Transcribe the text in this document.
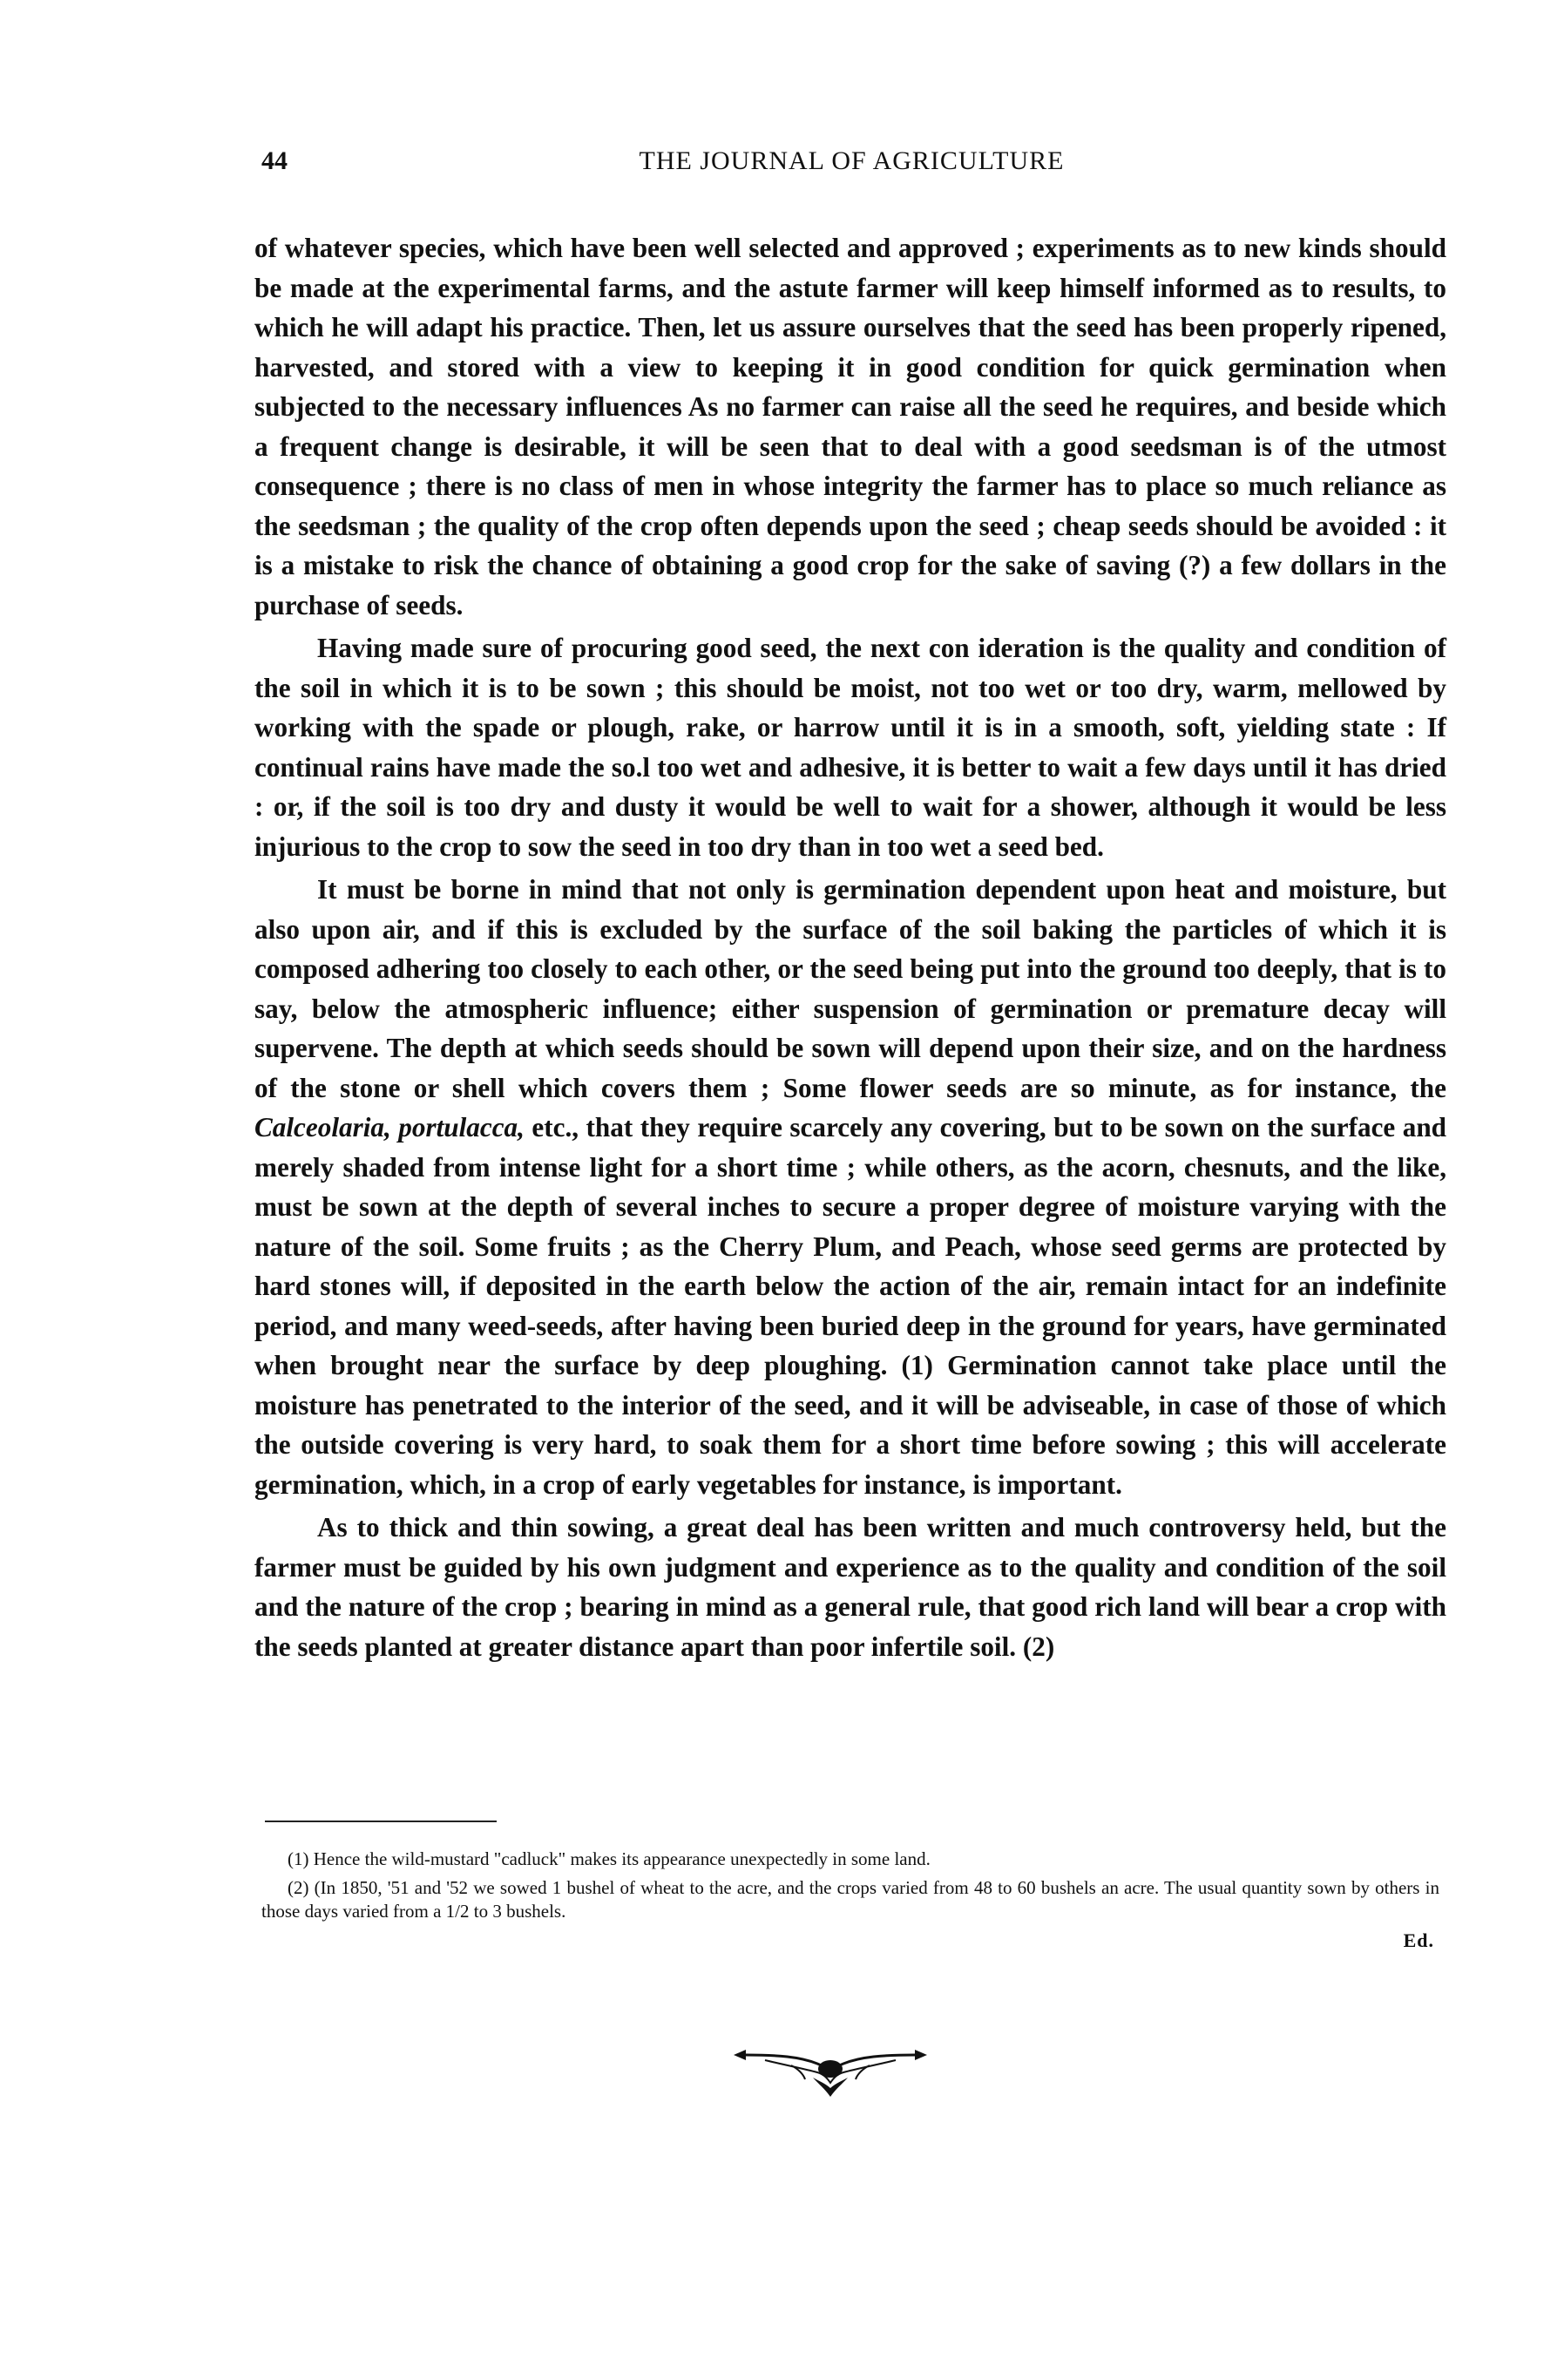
44	THE JOURNAL OF AGRICULTURE

of whatever species, which have been well selected and approved ; experiments as to new kinds should be made at the experimental farms, and the astute farmer will keep himself informed as to results, to which he will adapt his practice. Then, let us assure ourselves that the seed has been properly ripened, harvested, and stored with a view to keeping it in good condition for quick germination when subjected to the necessary influences As no farmer can raise all the seed he requires, and beside which a frequent change is desirable, it will be seen that to deal with a good seedsman is of the utmost consequence ; there is no class of men in whose integrity the farmer has to place so much reliance as the seedsman ; the quality of the crop often depends upon the seed ; cheap seeds should be avoided : it is a mistake to risk the chance of obtaining a good crop for the sake of saving (?) a few dollars in the purchase of seeds.

Having made sure of procuring good seed, the next con ideration is the quality and condition of the soil in which it is to be sown ; this should be moist, not too wet or too dry, warm, mellowed by working with the spade or plough, rake, or harrow until it is in a smooth, soft, yielding state : If continual rains have made the so.l too wet and adhesive, it is better to wait a few days until it has dried : or, if the soil is too dry and dusty it would be well to wait for a shower, although it would be less injurious to the crop to sow the seed in too dry than in too wet a seed bed.

It must be borne in mind that not only is germination dependent upon heat and moisture, but also upon air, and if this is excluded by the surface of the soil baking the particles of which it is composed adhering too closely to each other, or the seed being put into the ground too deeply, that is to say, below the atmospheric influence; either suspension of germination or premature decay will supervene. The depth at which seeds should be sown will depend upon their size, and on the hardness of the stone or shell which covers them ; Some flower seeds are so minute, as for instance, the Calceolaria, portulacca, etc., that they require scarcely any covering, but to be sown on the surface and merely shaded from intense light for a short time ; while others, as the acorn, chesnuts, and the like, must be sown at the depth of several inches to secure a proper degree of moisture varying with the nature of the soil. Some fruits ; as the Cherry Plum, and Peach, whose seed germs are protected by hard stones will, if deposited in the earth below the action of the air, remain intact for an indefinite period, and many weed-seeds, after having been buried deep in the ground for years, have germinated when brought near the surface by deep ploughing. (1) Germination cannot take place until the moisture has penetrated to the interior of the seed, and it will be adviseable, in case of those of which the outside covering is very hard, to soak them for a short time before sowing ; this will accelerate germination, which, in a crop of early vegetables for instance, is important.

As to thick and thin sowing, a great deal has been written and much controversy held, but the farmer must be guided by his own judgment and experience as to the quality and condition of the soil and the nature of the crop ; bearing in mind as a general rule, that good rich land will bear a crop with the seeds planted at greater distance apart than poor infertile soil. (2)

(1) Hence the wild-mustard "cadluck" makes its appearance unexpectedly in some land.

(2) (In 1850, '51 and '52 we sowed 1 bushel of wheat to the acre, and the crops varied from 48 to 60 bushels an acre. The usual quantity sown by others in those days varied from a 1/2 to 3 bushels.

Ed.
